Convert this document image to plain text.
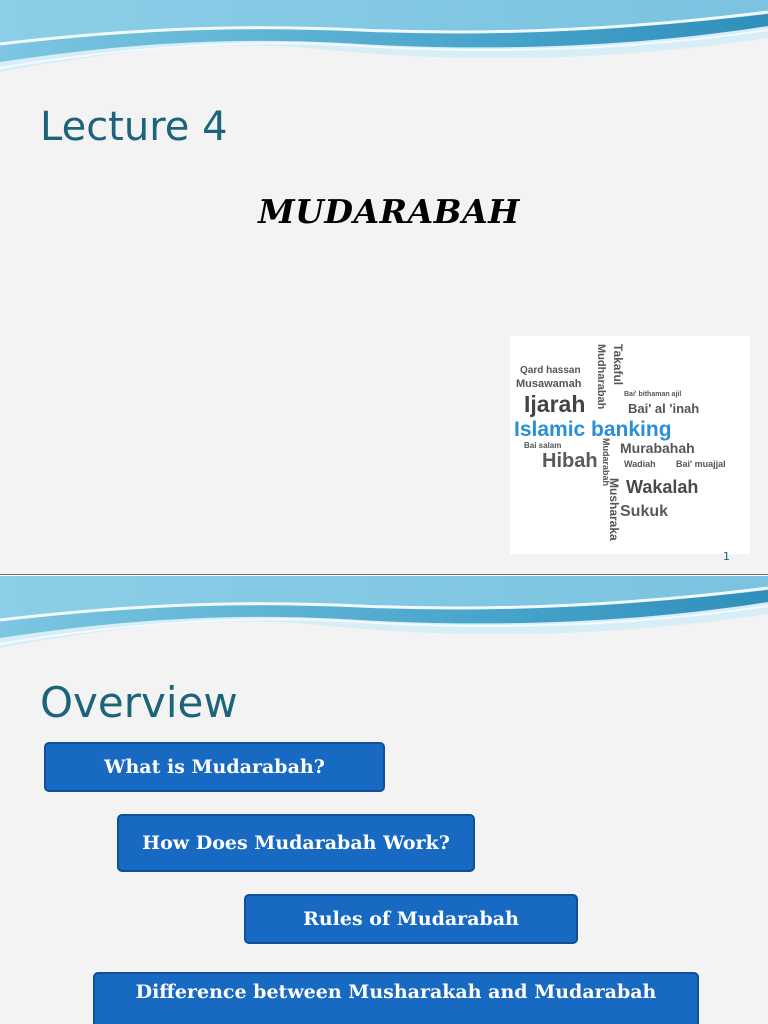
Lecture 4
MUDARABAH
Qard hassan
Musawamah
Ijarah
Islamic banking
Bai salam
Hibah
Mudharabah Takaful
Bai' bithaman ajil
Bai' al 'inah
Murabahah
Wadiah Bai' muajjal
Wakalah
Sukuk
Mudarabah
Musharaka
1
Overview
What is Mudarabah?
How Does Mudarabah Work?
Rules of Mudarabah
Difference between Musharakah and Mudarabah
